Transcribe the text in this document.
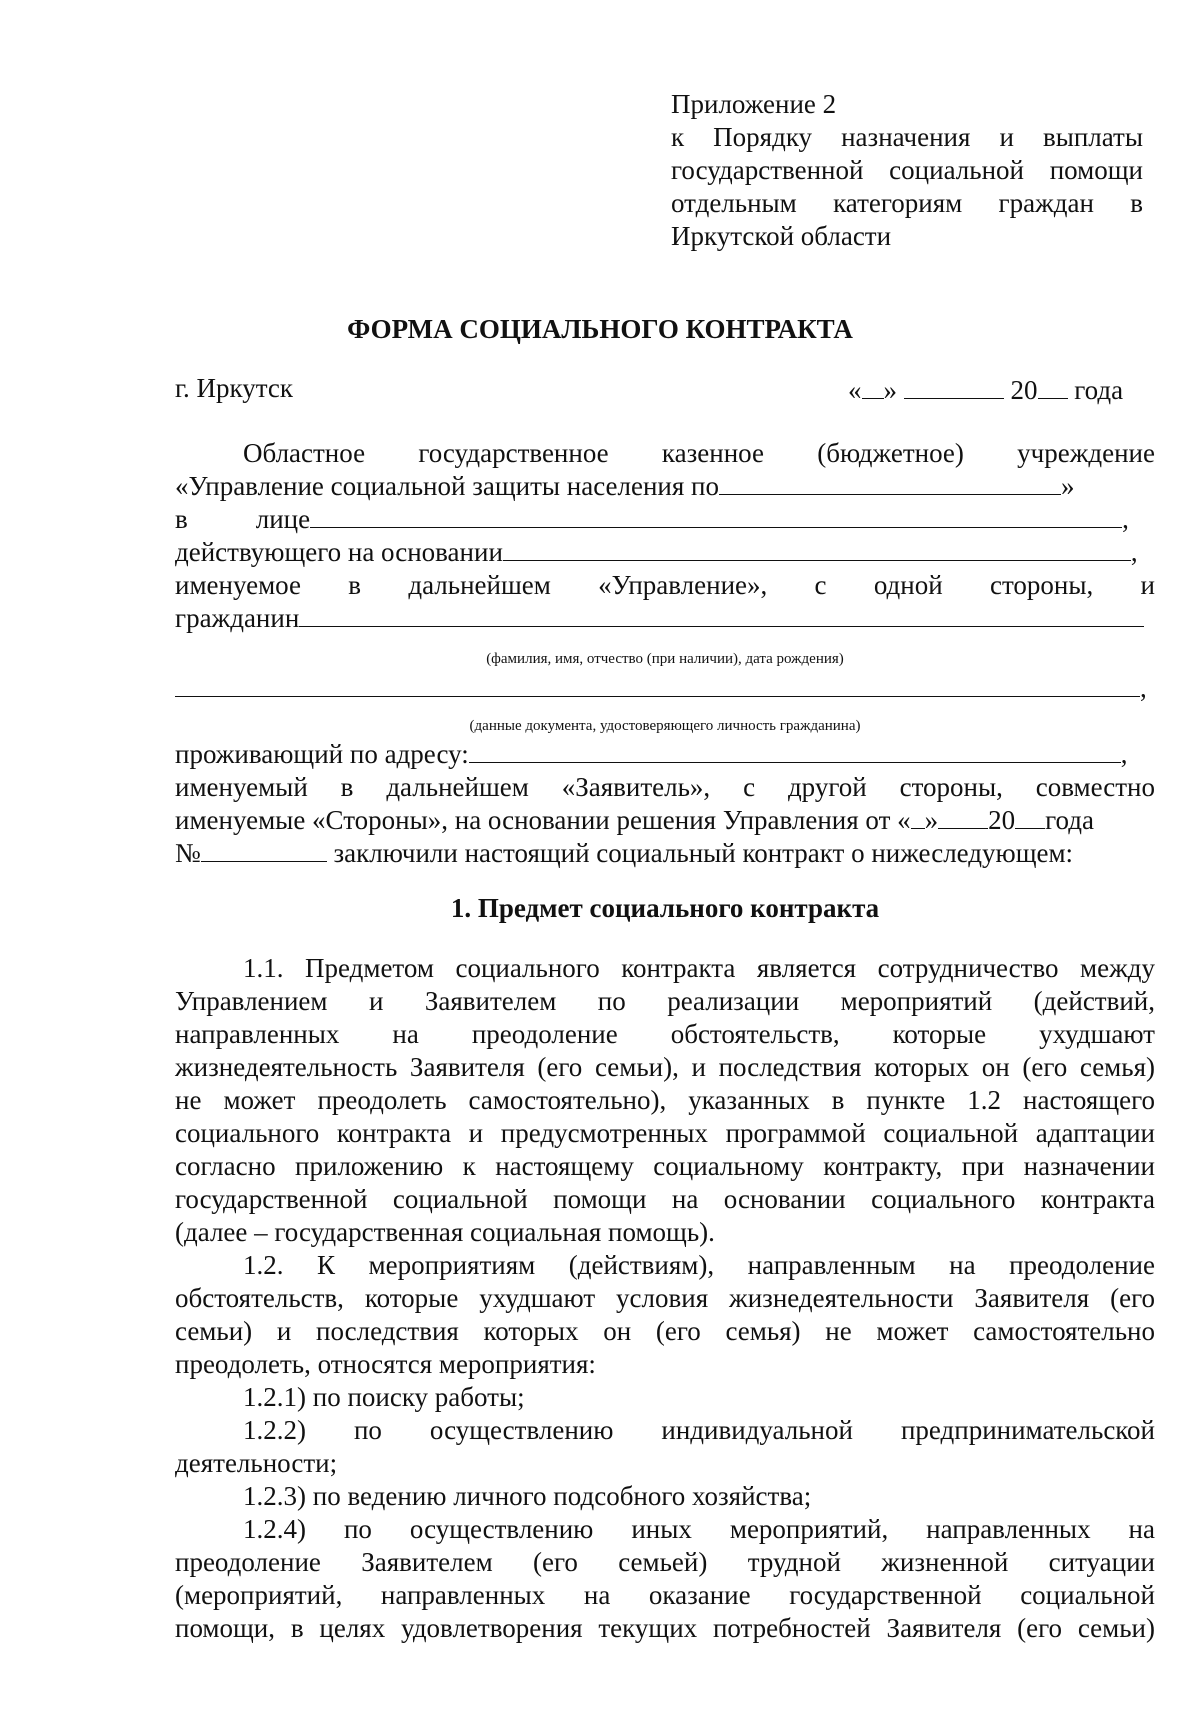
Приложение 2
к Порядку назначения и выплаты
государственной социальной помощи
отдельным категориям граждан в
Иркутской области
ФОРМА СОЦИАЛЬНОГО КОНТРАКТА
г. Иркутск	« »	20 года
Областное государственное казенное (бюджетное) учреждение
«Управление социальной защиты населения по	»
в	лице	,
действующего на основании	,
именуемое в дальнейшем «Управление», с одной стороны, и
гражданин
(фамилия, имя, отчество (при наличии), дата рождения)
,
(данные документа, удостоверяющего личность гражданина)
проживающий по адресу:	,
именуемый в дальнейшем «Заявитель», с другой стороны, совместно
именуемые «Стороны», на основании решения Управления от « » 20 года
№	заключили настоящий социальный контракт о нижеследующем:
1. Предмет социального контракта
1.1. Предметом социального контракта является сотрудничество между
Управлением и Заявителем по реализации мероприятий (действий,
направленных на преодоление обстоятельств, которые ухудшают
жизнедеятельность Заявителя (его семьи), и последствия которых он (его семья)
не может преодолеть самостоятельно), указанных в пункте 1.2 настоящего
социального контракта и предусмотренных программой социальной адаптации
согласно приложению к настоящему социальному контракту, при назначении
государственной социальной помощи на основании социального контракта
(далее – государственная социальная помощь).
1.2. К мероприятиям (действиям), направленным на преодоление
обстоятельств, которые ухудшают условия жизнедеятельности Заявителя (его
семьи) и последствия которых он (его семья) не может самостоятельно
преодолеть, относятся мероприятия:
1.2.1) по поиску работы;
1.2.2) по осуществлению индивидуальной предпринимательской
деятельности;
1.2.3) по ведению личного подсобного хозяйства;
1.2.4) по осуществлению иных мероприятий, направленных на
преодоление Заявителем (его семьей) трудной жизненной ситуации
(мероприятий, направленных на оказание государственной социальной
помощи, в целях удовлетворения текущих потребностей Заявителя (его семьи)
